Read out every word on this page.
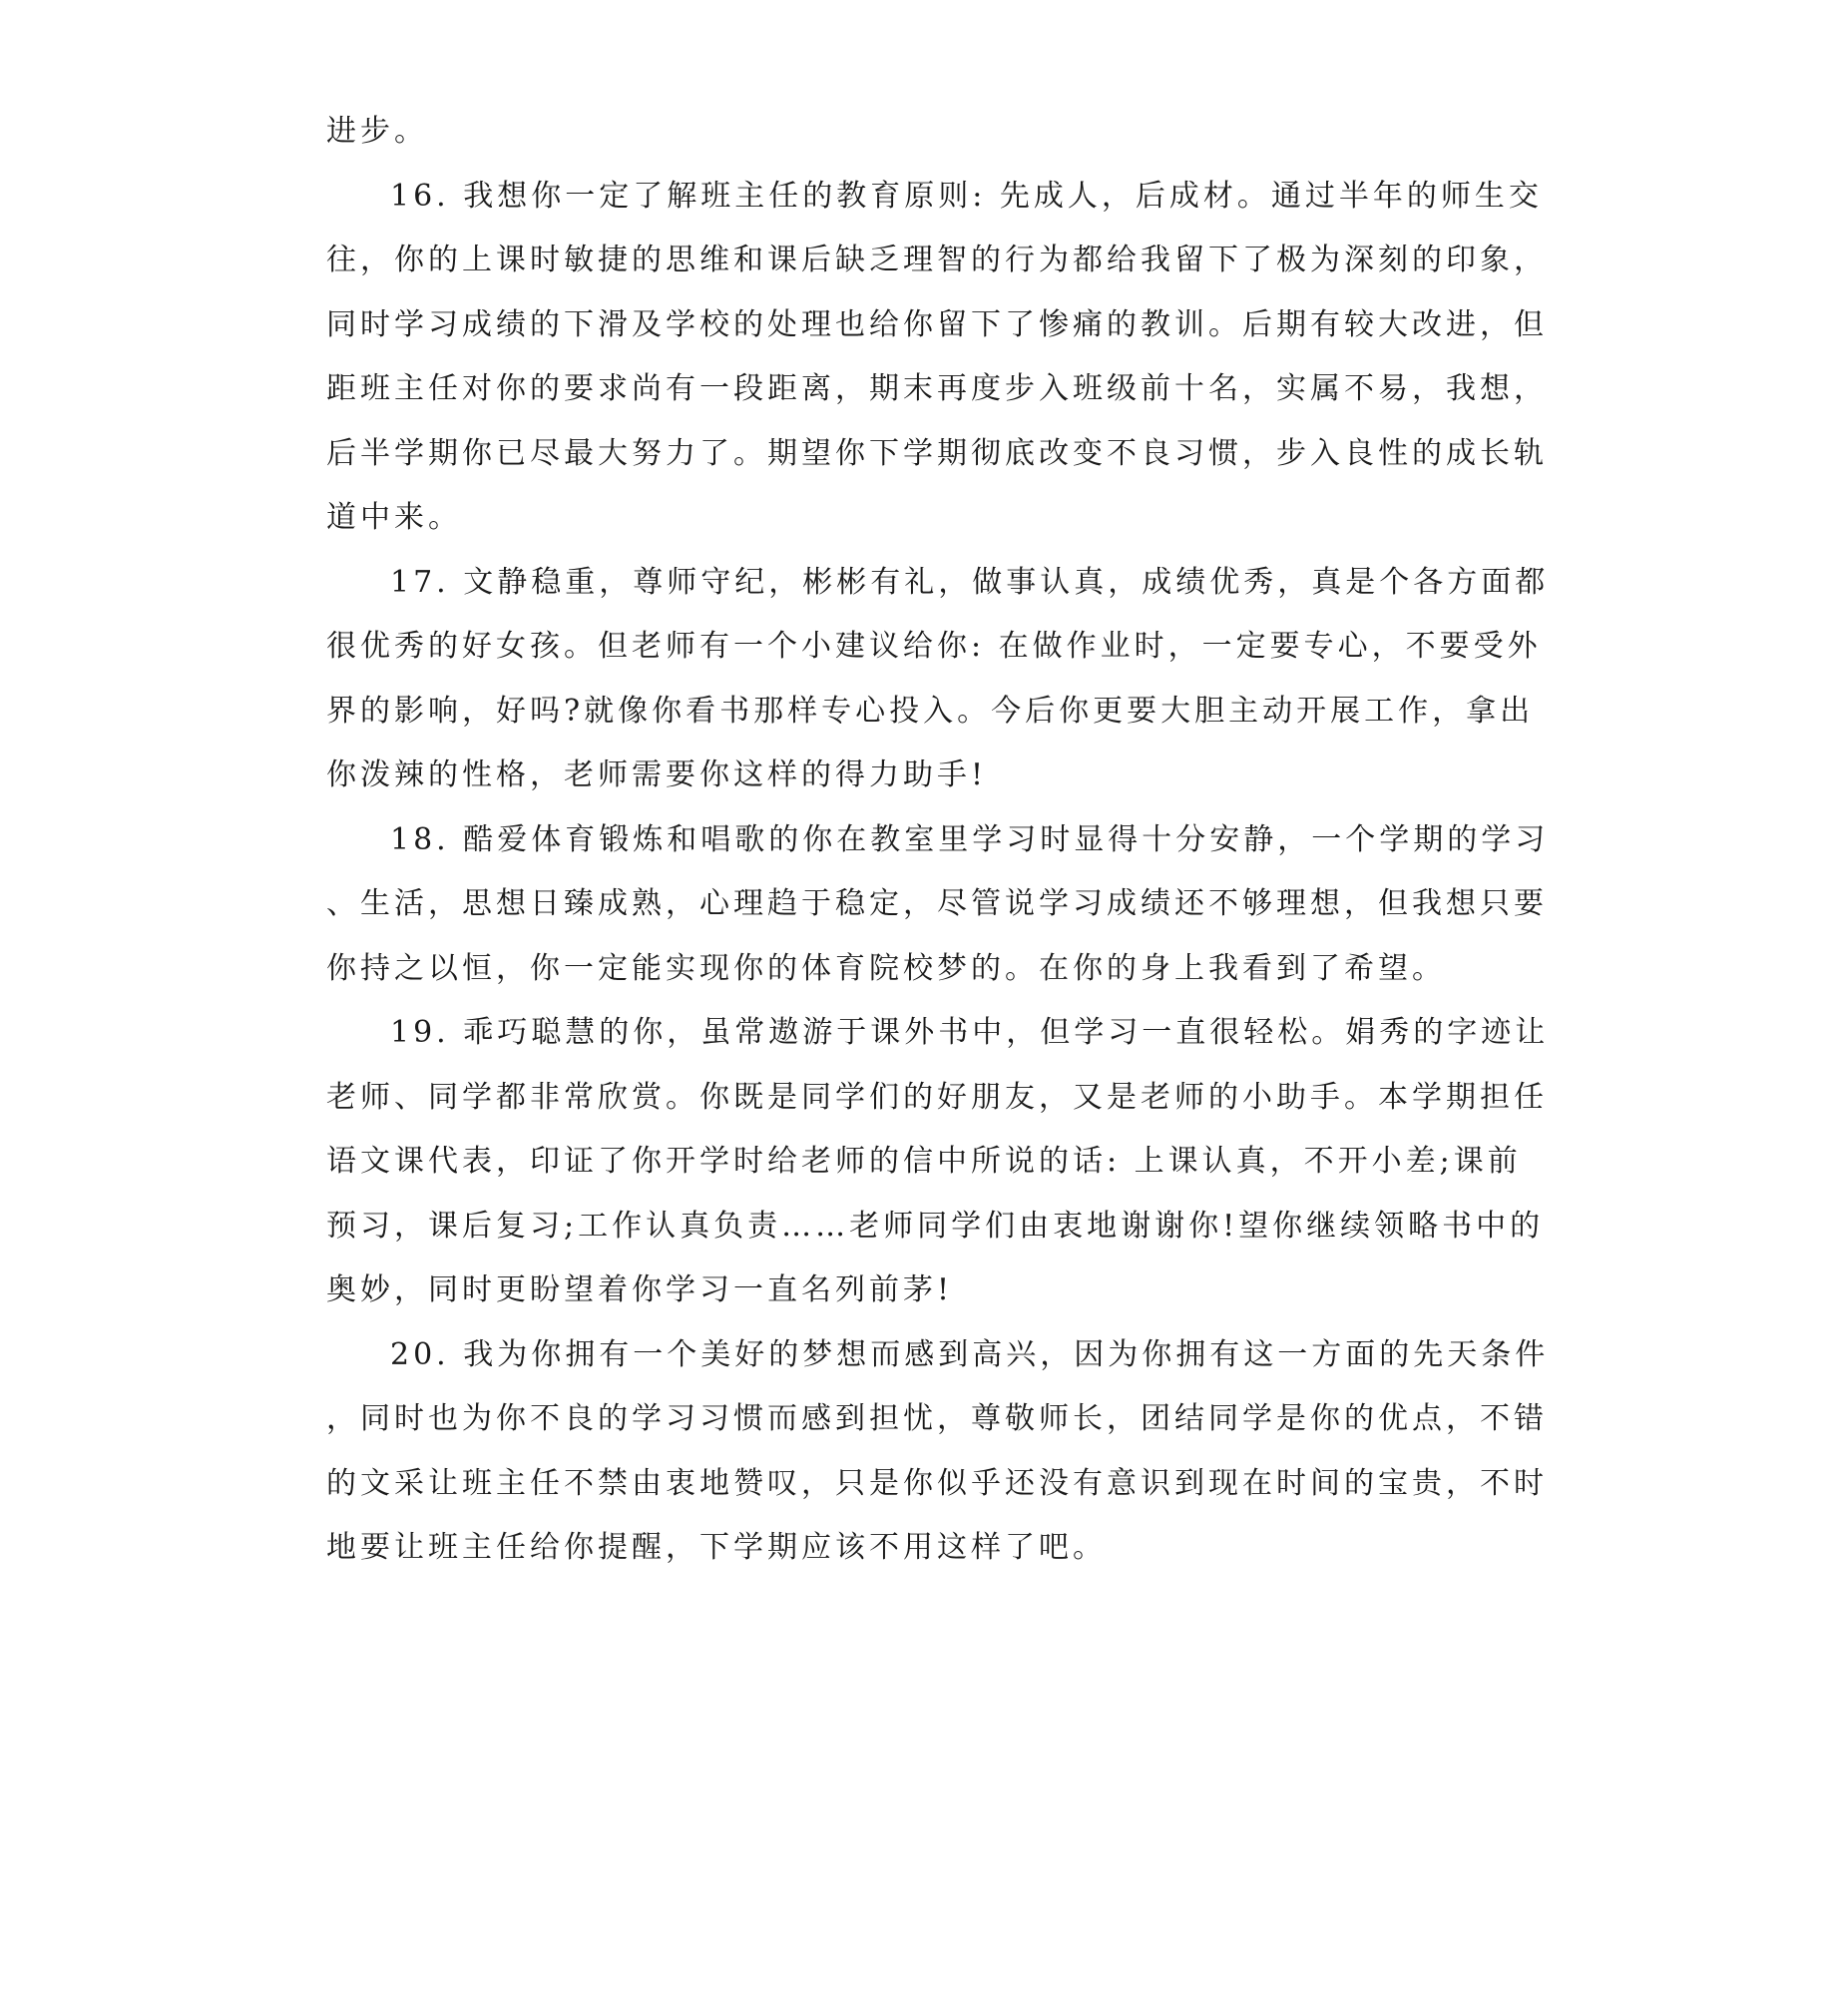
进步。
16. 我想你一定了解班主任的教育原则: 先成人，后成材。通过半年的师生交
往，你的上课时敏捷的思维和课后缺乏理智的行为都给我留下了极为深刻的印象，
同时学习成绩的下滑及学校的处理也给你留下了惨痛的教训。后期有较大改进，但
距班主任对你的要求尚有一段距离，期末再度步入班级前十名，实属不易，我想，
后半学期你已尽最大努力了。期望你下学期彻底改变不良习惯，步入良性的成长轨
道中来。
17. 文静稳重，尊师守纪，彬彬有礼，做事认真，成绩优秀，真是个各方面都
很优秀的好女孩。但老师有一个小建议给你: 在做作业时，一定要专心，不要受外
界的影响，好吗?就像你看书那样专心投入。今后你更要大胆主动开展工作，拿出
你泼辣的性格，老师需要你这样的得力助手!
18. 酷爱体育锻炼和唱歌的你在教室里学习时显得十分安静，一个学期的学习
、生活，思想日臻成熟，心理趋于稳定，尽管说学习成绩还不够理想，但我想只要
你持之以恒，你一定能实现你的体育院校梦的。在你的身上我看到了希望。
19. 乖巧聪慧的你，虽常遨游于课外书中，但学习一直很轻松。娟秀的字迹让
老师、同学都非常欣赏。你既是同学们的好朋友，又是老师的小助手。本学期担任
语文课代表，印证了你开学时给老师的信中所说的话: 上课认真，不开小差;课前
预习，课后复习;工作认真负责……老师同学们由衷地谢谢你!望你继续领略书中的
奥妙，同时更盼望着你学习一直名列前茅!
20. 我为你拥有一个美好的梦想而感到高兴，因为你拥有这一方面的先天条件
，同时也为你不良的学习习惯而感到担忧，尊敬师长，团结同学是你的优点，不错
的文采让班主任不禁由衷地赞叹，只是你似乎还没有意识到现在时间的宝贵，不时
地要让班主任给你提醒，下学期应该不用这样了吧。
